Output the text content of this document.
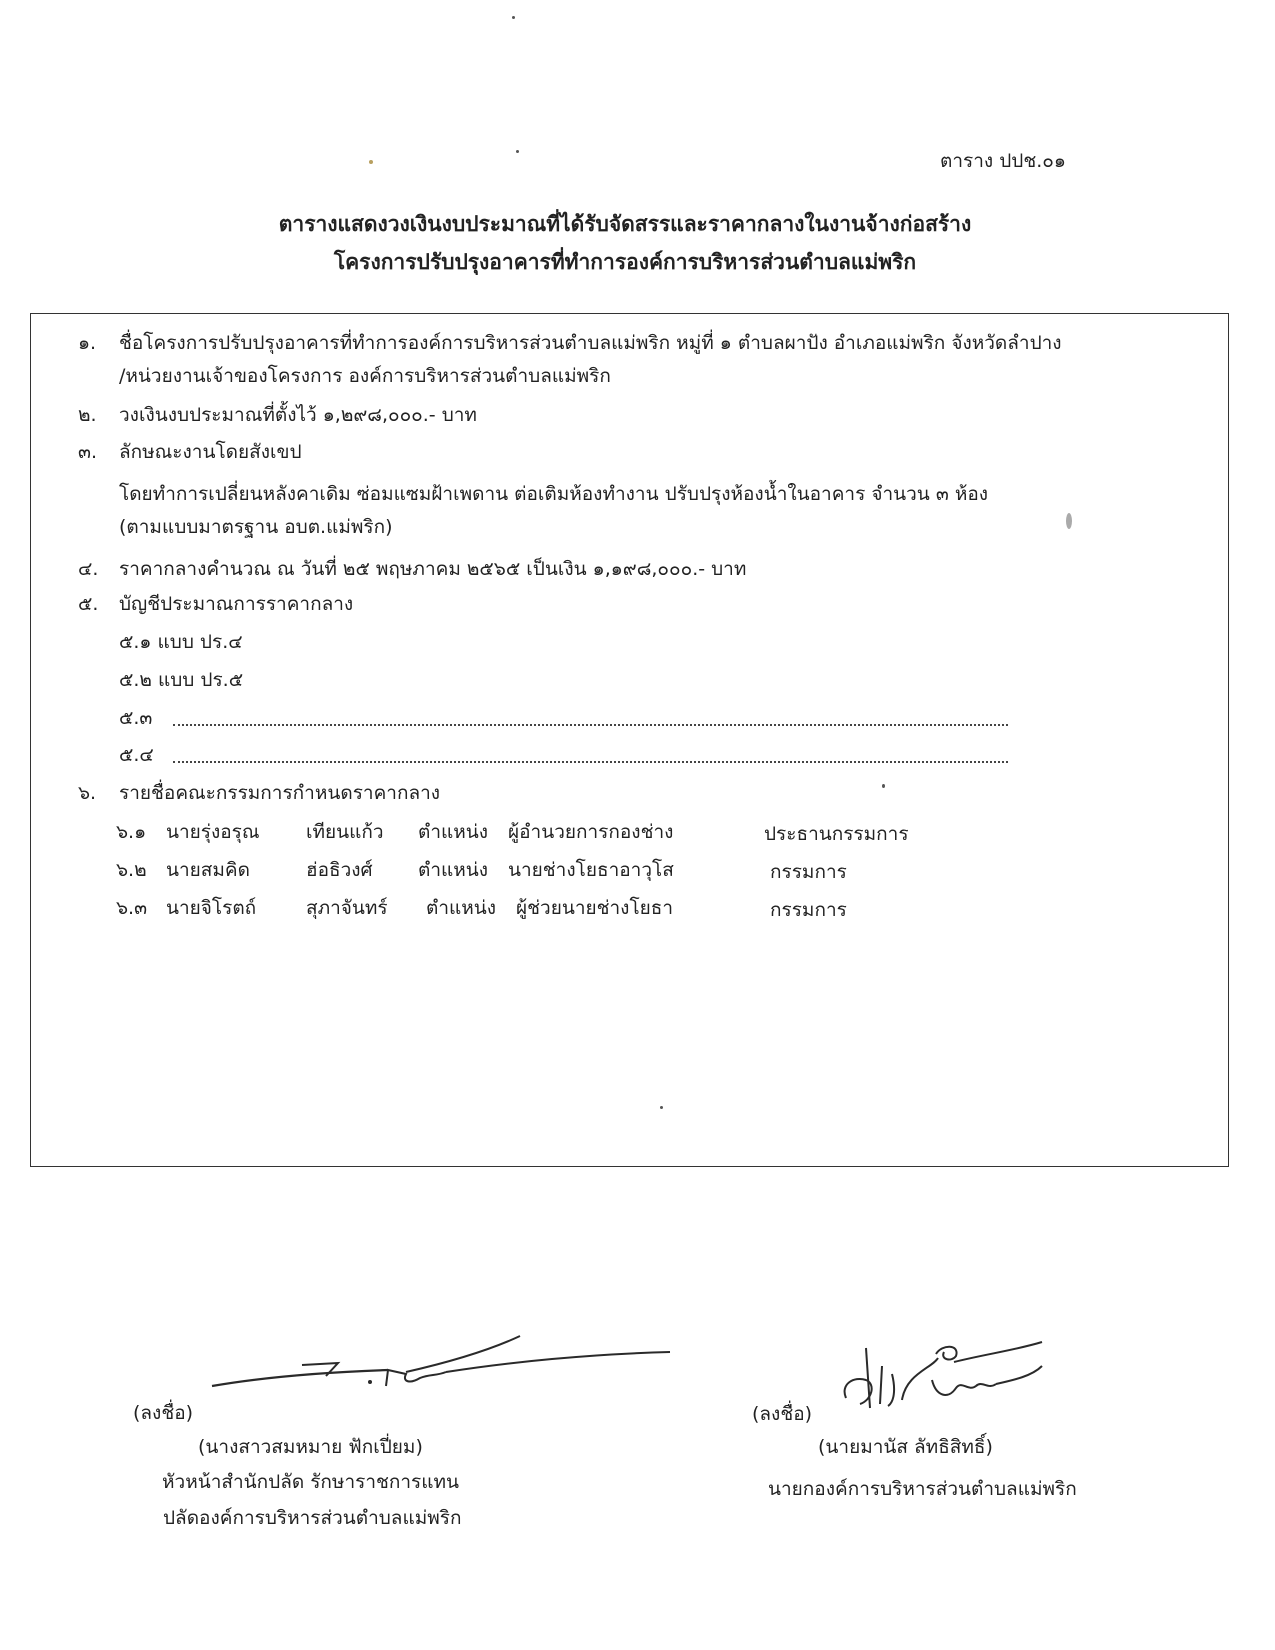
ตาราง ปปช.๐๑
ตารางแสดงวงเงินงบประมาณที่ได้รับจัดสรรและราคากลางในงานจ้างก่อสร้าง
โครงการปรับปรุงอาคารที่ทำการองค์การบริหารส่วนตำบลแม่พริก
๑. ชื่อโครงการปรับปรุงอาคารที่ทำการองค์การบริหารส่วนตำบลแม่พริก หมู่ที่ ๑ ตำบลผาปัง อำเภอแม่พริก จังหวัดลำปาง
/หน่วยงานเจ้าของโครงการ องค์การบริหารส่วนตำบลแม่พริก
๒. วงเงินงบประมาณที่ตั้งไว้ ๑,๒๙๘,๐๐๐.- บาท
๓. ลักษณะงานโดยสังเขป
โดยทำการเปลี่ยนหลังคาเดิม ซ่อมแซมฝ้าเพดาน ต่อเติมห้องทำงาน ปรับปรุงห้องน้ำในอาคาร จำนวน ๓ ห้อง
(ตามแบบมาตรฐาน อบต.แม่พริก)
๔. ราคากลางคำนวณ ณ วันที่ ๒๕ พฤษภาคม ๒๕๖๕ เป็นเงิน ๑,๑๙๘,๐๐๐.- บาท
๕. บัญชีประมาณการราคากลาง
๕.๑ แบบ ปร.๔
๕.๒ แบบ ปร.๕
๕.๓
๕.๔
๖. รายชื่อคณะกรรมการกำหนดราคากลาง
๖.๑ นายรุ่งอรุณ เทียนแก้ว ตำแหน่ง ผู้อำนวยการกองช่าง	ประธานกรรมการ
๖.๒ นายสมคิด	ฮ่อธิวงศ์ ตำแหน่ง นายช่างโยธาอาวุโส	กรรมการ
๖.๓ นายจิโรตถ์	สุภาจันทร์ ตำแหน่ง ผู้ช่วยนายช่างโยธา	กรรมการ
(ลงชื่อ)
(นางสาวสมหมาย ฟักเปี่ยม)
หัวหน้าสำนักปลัด รักษาราชการแทน
ปลัดองค์การบริหารส่วนตำบลแม่พริก
(ลงชื่อ)
(นายมานัส ลัทธิสิทธิ์)
นายกองค์การบริหารส่วนตำบลแม่พริก
